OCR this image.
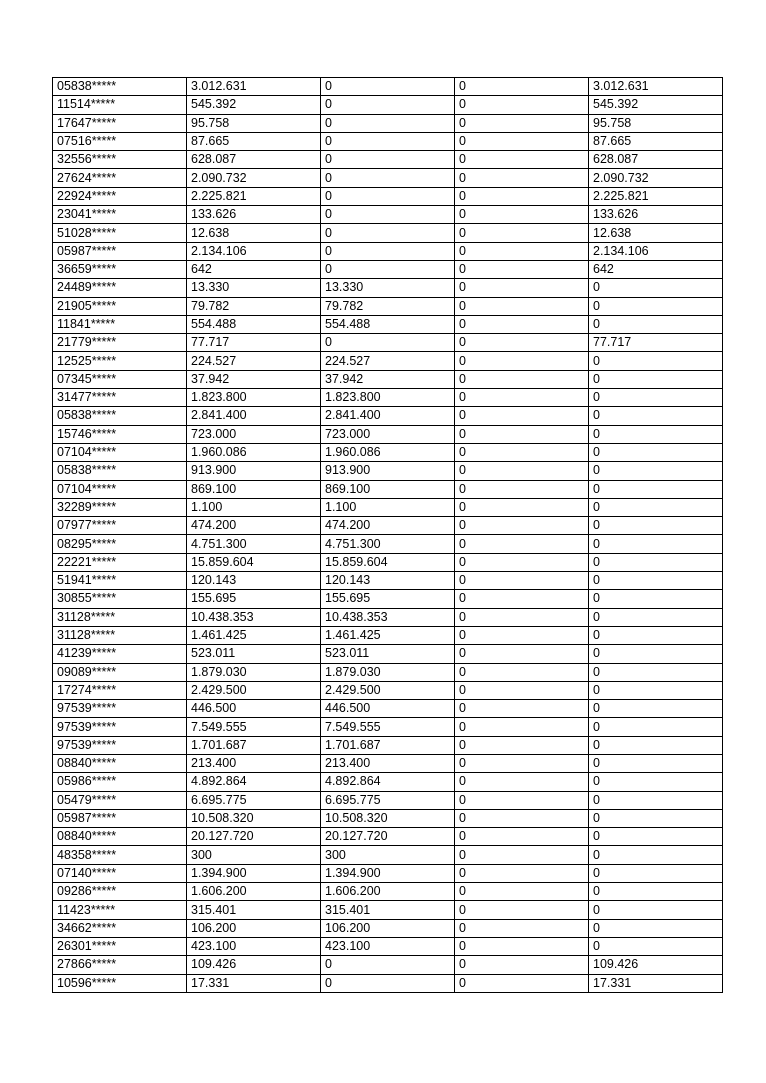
05838*****	3.012.631	0	0	3.012.631
11514*****	545.392	0	0	545.392
17647*****	95.758	0	0	95.758
07516*****	87.665	0	0	87.665
32556*****	628.087	0	0	628.087
27624*****	2.090.732	0	0	2.090.732
22924*****	2.225.821	0	0	2.225.821
23041*****	133.626	0	0	133.626
51028*****	12.638	0	0	12.638
05987*****	2.134.106	0	0	2.134.106
36659*****	642	0	0	642
24489*****	13.330	13.330	0	0
21905*****	79.782	79.782	0	0
11841*****	554.488	554.488	0	0
21779*****	77.717	0	0	77.717
12525*****	224.527	224.527	0	0
07345*****	37.942	37.942	0	0
31477*****	1.823.800	1.823.800	0	0
05838*****	2.841.400	2.841.400	0	0
15746*****	723.000	723.000	0	0
07104*****	1.960.086	1.960.086	0	0
05838*****	913.900	913.900	0	0
07104*****	869.100	869.100	0	0
32289*****	1.100	1.100	0	0
07977*****	474.200	474.200	0	0
08295*****	4.751.300	4.751.300	0	0
22221*****	15.859.604	15.859.604	0	0
51941*****	120.143	120.143	0	0
30855*****	155.695	155.695	0	0
31128*****	10.438.353	10.438.353	0	0
31128*****	1.461.425	1.461.425	0	0
41239*****	523.011	523.011	0	0
09089*****	1.879.030	1.879.030	0	0
17274*****	2.429.500	2.429.500	0	0
97539*****	446.500	446.500	0	0
97539*****	7.549.555	7.549.555	0	0
97539*****	1.701.687	1.701.687	0	0
08840*****	213.400	213.400	0	0
05986*****	4.892.864	4.892.864	0	0
05479*****	6.695.775	6.695.775	0	0
05987*****	10.508.320	10.508.320	0	0
08840*****	20.127.720	20.127.720	0	0
48358*****	300	300	0	0
07140*****	1.394.900	1.394.900	0	0
09286*****	1.606.200	1.606.200	0	0
11423*****	315.401	315.401	0	0
34662*****	106.200	106.200	0	0
26301*****	423.100	423.100	0	0
27866*****	109.426	0	0	109.426
10596*****	17.331	0	0	17.331
